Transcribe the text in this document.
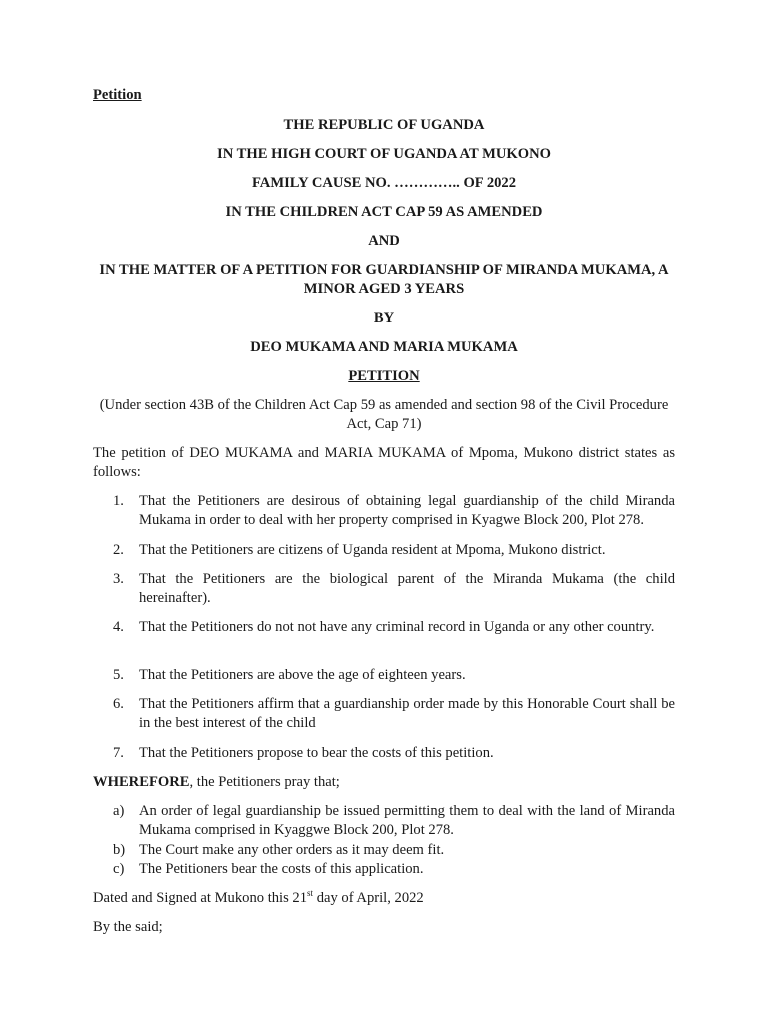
Petition
THE REPUBLIC OF UGANDA
IN THE HIGH COURT OF UGANDA AT MUKONO
FAMILY CAUSE NO. ………….. OF 2022
IN THE CHILDREN ACT CAP 59 AS AMENDED
AND
IN THE MATTER OF A PETITION FOR GUARDIANSHIP OF MIRANDA MUKAMA, A MINOR AGED 3 YEARS
BY
DEO MUKAMA AND MARIA MUKAMA
PETITION
(Under section 43B of the Children Act Cap 59 as amended and section 98 of the Civil Procedure Act, Cap 71)
The petition of DEO MUKAMA and MARIA MUKAMA of Mpoma, Mukono district states as follows:
1. That the Petitioners are desirous of obtaining legal guardianship of the child Miranda Mukama in order to deal with her property comprised in Kyagwe Block 200, Plot 278.
2. That the Petitioners are citizens of Uganda resident at Mpoma, Mukono district.
3. That the Petitioners are the biological parent of the Miranda Mukama (the child hereinafter).
4. That the Petitioners do not not have any criminal record in Uganda or any other country.
5. That the Petitioners are above the age of eighteen years.
6. That the Petitioners affirm that a guardianship order made by this Honorable Court shall be in the best interest of the child
7. That the Petitioners propose to bear the costs of this petition.
WHEREFORE, the Petitioners pray that;
a) An order of legal guardianship be issued permitting them to deal with the land of Miranda Mukama comprised in Kyaggwe Block 200, Plot 278.
b) The Court make any other orders as it may deem fit.
c) The Petitioners bear the costs of this application.
Dated and Signed at Mukono this 21st day of April, 2022
By the said;
